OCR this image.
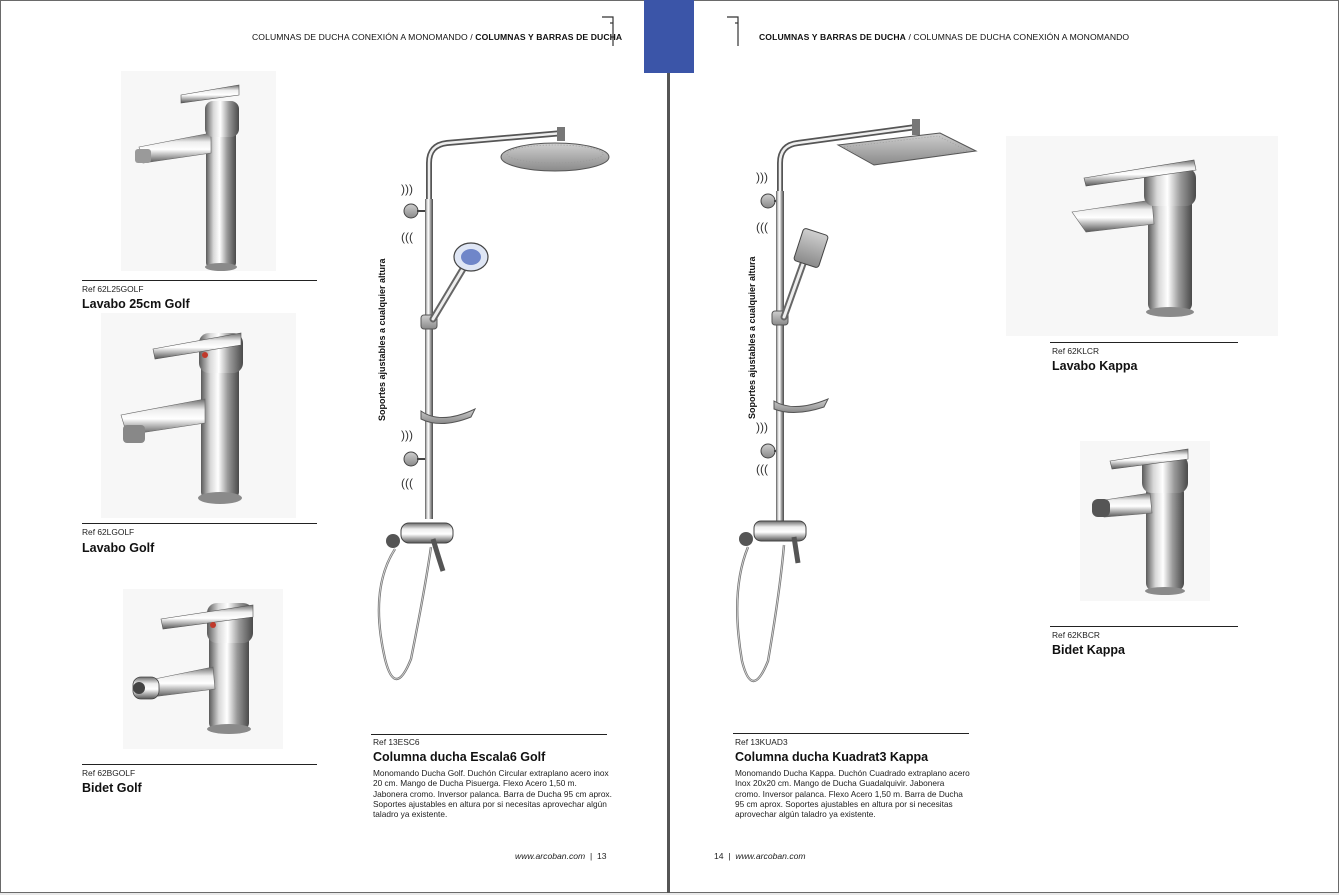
COLUMNAS DE DUCHA CONEXIÓN A MONOMANDO / COLUMNAS Y BARRAS DE DUCHA
Ref 62L25GOLF
Lavabo 25cm Golf
Ref 62LGOLF
Lavabo Golf
Ref 62BGOLF
Bidet Golf
)))
(((
)))
(((
Soportes ajustables a cualquier altura
Ref 13ESC6
Columna ducha Escala6 Golf
Monomando Ducha Golf. Duchón Circular extraplano acero inox 20 cm. Mango de Ducha Pisuerga. Flexo Acero 1,50 m. Jabonera cromo. Inversor palanca. Barra de Ducha 95 cm aprox. Soportes ajustables en altura por si necesitas aprovechar algún taladro ya existente.
www.arcoban.com | 13
COLUMNAS Y BARRAS DE DUCHA / COLUMNAS DE DUCHA CONEXIÓN A MONOMANDO
)))
(((
)))
(((
Soportes ajustables a cualquier altura
Ref 13KUAD3
Columna ducha Kuadrat3 Kappa
Monomando Ducha Kappa. Duchón Cuadrado extraplano acero Inox 20x20 cm. Mango de Ducha Guadalquivir. Jabonera cromo. Inversor palanca. Flexo Acero 1,50 m. Barra de Ducha 95 cm aprox. Soportes ajustables en altura por si necesitas aprovechar algún taladro ya existente.
Ref 62KLCR
Lavabo Kappa
Ref 62KBCR
Bidet Kappa
14 | www.arcoban.com
